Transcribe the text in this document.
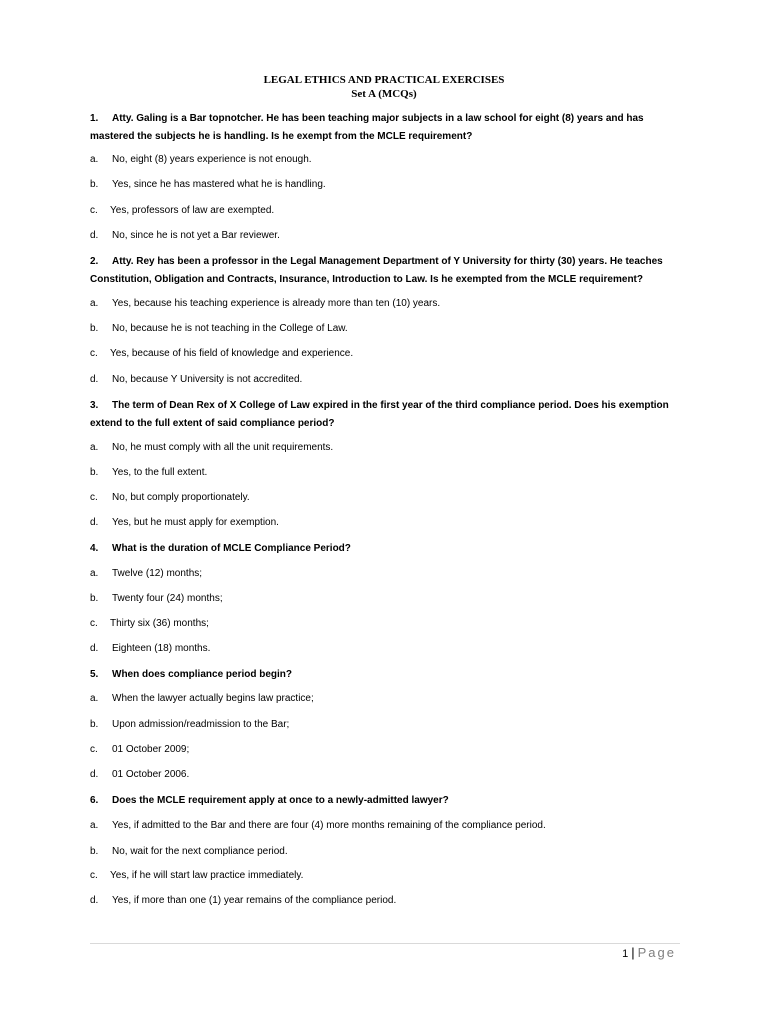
LEGAL ETHICS AND PRACTICAL EXERCISES
Set A (MCQs)
1. Atty. Galing is a Bar topnotcher. He has been teaching major subjects in a law school for eight (8) years and has mastered the subjects he is handling. Is he exempt from the MCLE requirement?
a. No, eight (8) years experience is not enough.
b. Yes, since he has mastered what he is handling.
c. Yes, professors of law are exempted.
d. No, since he is not yet a Bar reviewer.
2. Atty. Rey has been a professor in the Legal Management Department of Y University for thirty (30) years. He teaches Constitution, Obligation and Contracts, Insurance, Introduction to Law. Is he exempted from the MCLE requirement?
a. Yes, because his teaching experience is already more than ten (10) years.
b. No, because he is not teaching in the College of Law.
c. Yes, because of his field of knowledge and experience.
d. No, because Y University is not accredited.
3. The term of Dean Rex of X College of Law expired in the first year of the third compliance period. Does his exemption extend to the full extent of said compliance period?
a. No, he must comply with all the unit requirements.
b. Yes, to the full extent.
c. No, but comply proportionately.
d. Yes, but he must apply for exemption.
4. What is the duration of MCLE Compliance Period?
a. Twelve (12) months;
b. Twenty four (24) months;
c. Thirty six (36) months;
d. Eighteen (18) months.
5. When does compliance period begin?
a. When the lawyer actually begins law practice;
b. Upon admission/readmission to the Bar;
c. 01 October 2009;
d. 01 October 2006.
6. Does the MCLE requirement apply at once to a newly-admitted lawyer?
a. Yes, if admitted to the Bar and there are four (4) more months remaining of the compliance period.
b. No, wait for the next compliance period.
c. Yes, if he will start law practice immediately.
d. Yes, if more than one (1) year remains of the compliance period.
1 | Page
